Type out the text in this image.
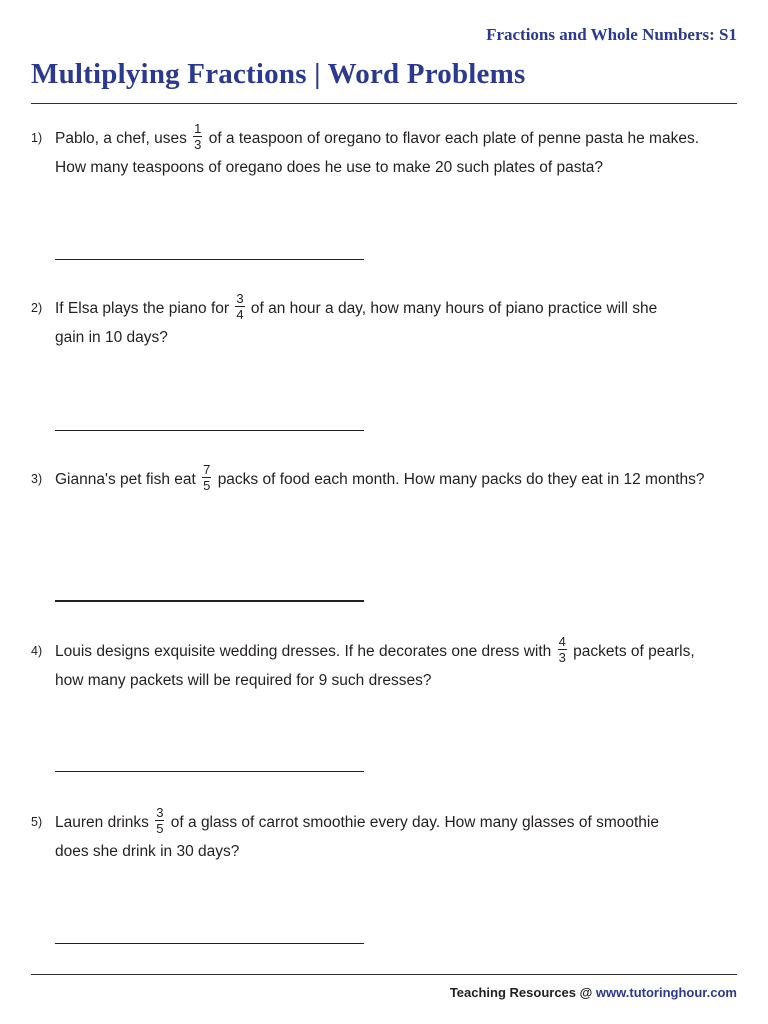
Fractions and Whole Numbers: S1
Multiplying Fractions | Word Problems
1) Pablo, a chef, uses $\frac{1}{3}$ of a teaspoon of oregano to flavor each plate of penne pasta he makes.
How many teaspoons of oregano does he use to make 20 such plates of pasta?
2) If Elsa plays the piano for $\frac{3}{4}$ of an hour a day, how many hours of piano practice will she
gain in 10 days?
3) Gianna's pet fish eat $\frac{7}{5}$ packs of food each month. How many packs do they eat in 12 months?
4) Louis designs exquisite wedding dresses. If he decorates one dress with $\frac{4}{3}$ packets of pearls,
how many packets will be required for 9 such dresses?
5) Lauren drinks $\frac{3}{5}$ of a glass of carrot smoothie every day. How many glasses of smoothie
does she drink in 30 days?
Teaching Resources @ www.tutoringhour.com
